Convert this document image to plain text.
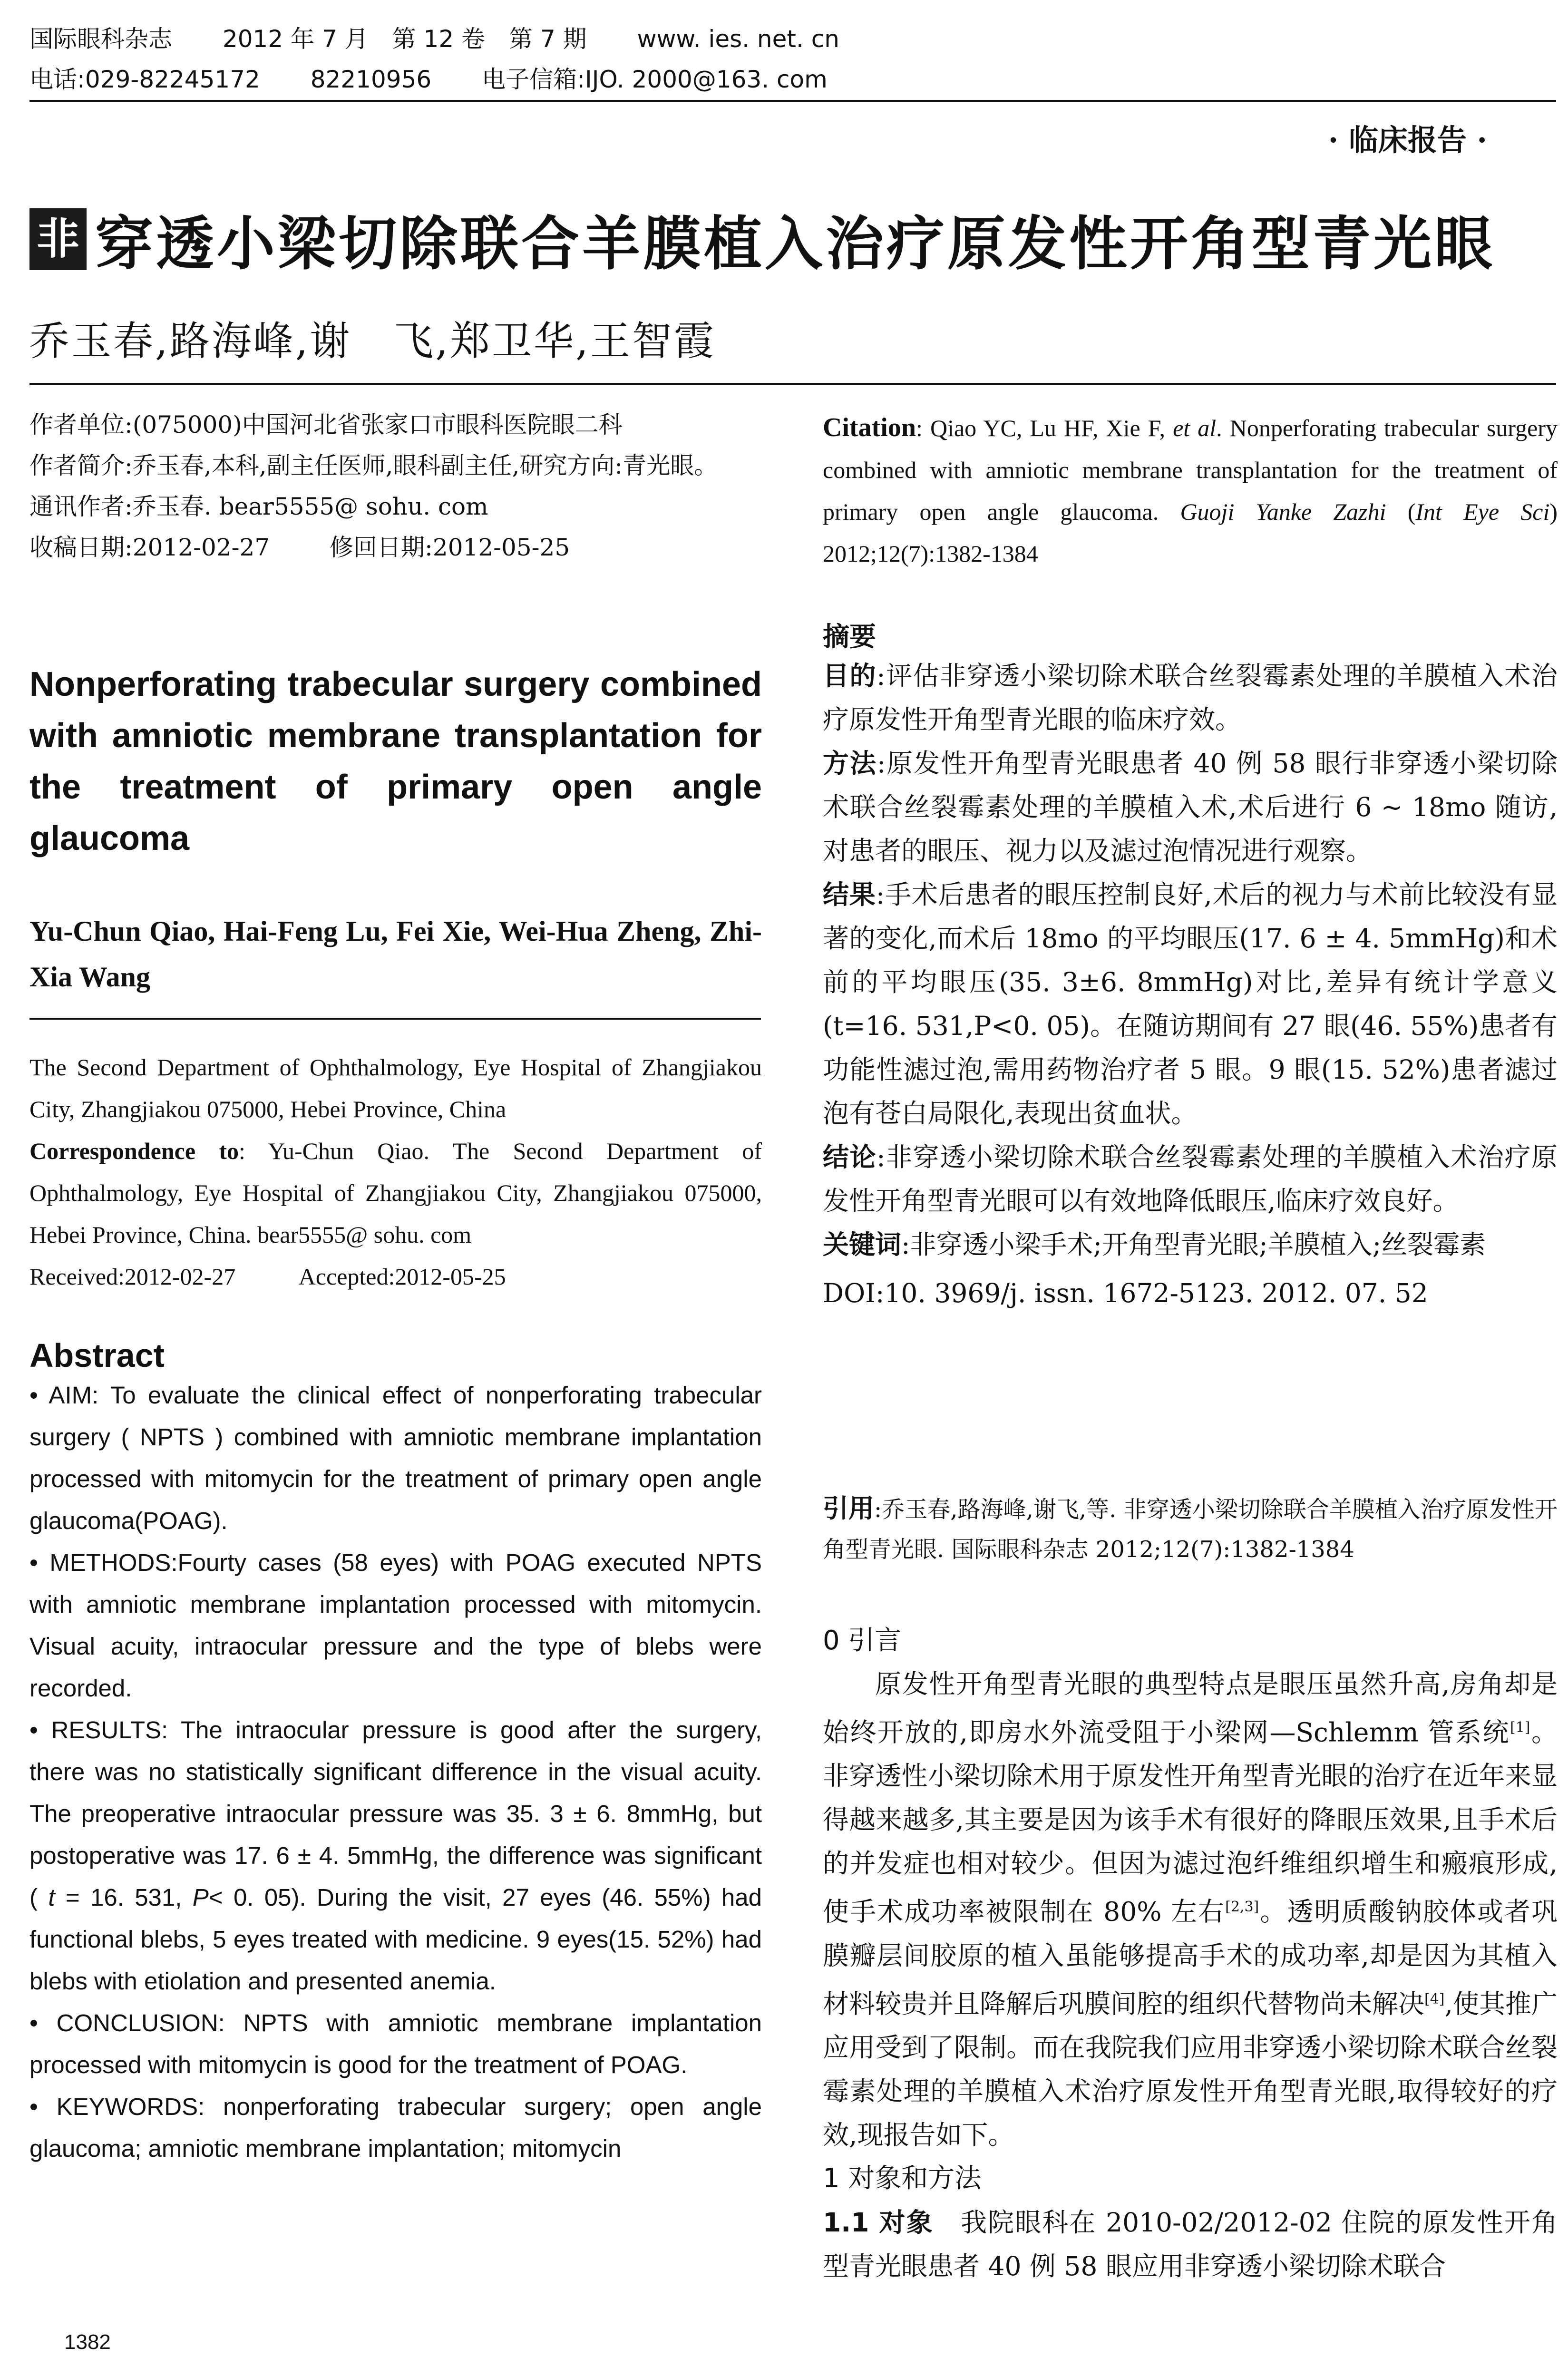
国际眼科杂志 2012 年 7 月　第 12 卷　第 7 期 www. ies. net. cn
电话:029-82245172 82210956 电子信箱:IJO. 2000@163. com
· 临床报告 ·
非 穿透小梁切除联合羊膜植入治疗原发性开角型青光眼
乔玉春,路海峰,谢　飞,郑卫华,王智霞
作者单位:(075000)中国河北省张家口市眼科医院眼二科
作者简介:乔玉春,本科,副主任医师,眼科副主任,研究方向:青光眼。
通讯作者:乔玉春. bear5555@ sohu. com
收稿日期:2012-02-27	修回日期:2012-05-25
Nonperforating trabecular surgery combined with amniotic membrane transplantation for the treatment of primary open angle glaucoma
Yu-Chun Qiao, Hai-Feng Lu, Fei Xie, Wei-Hua Zheng, Zhi-Xia Wang
The Second Department of Ophthalmology, Eye Hospital of Zhangjiakou City, Zhangjiakou 075000, Hebei Province, China
Correspondence to: Yu-Chun Qiao. The Second Department of Ophthalmology, Eye Hospital of Zhangjiakou City, Zhangjiakou 075000, Hebei Province, China. bear5555@ sohu. com
Received:2012-02-27	Accepted:2012-05-25
Abstract

• AIM: To evaluate the clinical effect of nonperforating trabecular surgery ( NPTS ) combined with amniotic membrane implantation processed with mitomycin for the treatment of primary open angle glaucoma(POAG).

• METHODS:Fourty cases (58 eyes) with POAG executed NPTS with amniotic membrane implantation processed with mitomycin. Visual acuity, intraocular pressure and the type of blebs were recorded.

• RESULTS: The intraocular pressure is good after the surgery, there was no statistically significant difference in the visual acuity. The preoperative intraocular pressure was 35. 3 ± 6. 8mmHg, but postoperative was 17. 6 ± 4. 5mmHg, the difference was significant ( t = 16. 531, P< 0. 05). During the visit, 27 eyes (46. 55%) had functional blebs, 5 eyes treated with medicine. 9 eyes(15. 52%) had blebs with etiolation and presented anemia.

• CONCLUSION: NPTS with amniotic membrane implantation processed with mitomycin is good for the treatment of POAG.

• KEYWORDS: nonperforating trabecular surgery; open angle glaucoma; amniotic membrane implantation; mitomycin

1382
Citation: Qiao YC, Lu HF, Xie F, et al. Nonperforating trabecular surgery combined with amniotic membrane transplantation for the treatment of primary open angle glaucoma. Guoji Yanke Zazhi (Int Eye Sci) 2012;12(7):1382-1384
摘要

目的:评估非穿透小梁切除术联合丝裂霉素处理的羊膜植入术治疗原发性开角型青光眼的临床疗效。

方法:原发性开角型青光眼患者 40 例 58 眼行非穿透小梁切除术联合丝裂霉素处理的羊膜植入术,术后进行 6 ~ 18mo 随访,对患者的眼压、视力以及滤过泡情况进行观察。

结果:手术后患者的眼压控制良好,术后的视力与术前比较没有显著的变化,而术后 18mo 的平均眼压(17. 6 ± 4. 5mmHg)和术前的平均眼压(35. 3±6. 8mmHg)对比,差异有统计学意义(t=16. 531,P<0. 05)。在随访期间有 27 眼(46. 55%)患者有功能性滤过泡,需用药物治疗者 5 眼。9 眼(15. 52%)患者滤过泡有苍白局限化,表现出贫血状。

结论:非穿透小梁切除术联合丝裂霉素处理的羊膜植入术治疗原发性开角型青光眼可以有效地降低眼压,临床疗效良好。

关键词:非穿透小梁手术;开角型青光眼;羊膜植入;丝裂霉素

DOI:10. 3969/j. issn. 1672-5123. 2012. 07. 52

引用:乔玉春,路海峰,谢飞,等. 非穿透小梁切除联合羊膜植入治疗原发性开角型青光眼. 国际眼科杂志 2012;12(7):1382-1384

0 引言

原发性开角型青光眼的典型特点是眼压虽然升高,房角却是始终开放的,即房水外流受阻于小梁网—Schlemm 管系统[1]。非穿透性小梁切除术用于原发性开角型青光眼的治疗在近年来显得越来越多,其主要是因为该手术有很好的降眼压效果,且手术后的并发症也相对较少。但因为滤过泡纤维组织增生和瘢痕形成,使手术成功率被限制在 80% 左右[2,3]。透明质酸钠胶体或者巩膜瓣层间胶原的植入虽能够提高手术的成功率,却是因为其植入材料较贵并且降解后巩膜间腔的组织代替物尚未解决[4],使其推广应用受到了限制。而在我院我们应用非穿透小梁切除术联合丝裂霉素处理的羊膜植入术治疗原发性开角型青光眼,取得较好的疗效,现报告如下。

1 对象和方法

1.1 对象　我院眼科在 2010-02/2012-02 住院的原发性开角型青光眼患者 40 例 58 眼应用非穿透小梁切除术联合
